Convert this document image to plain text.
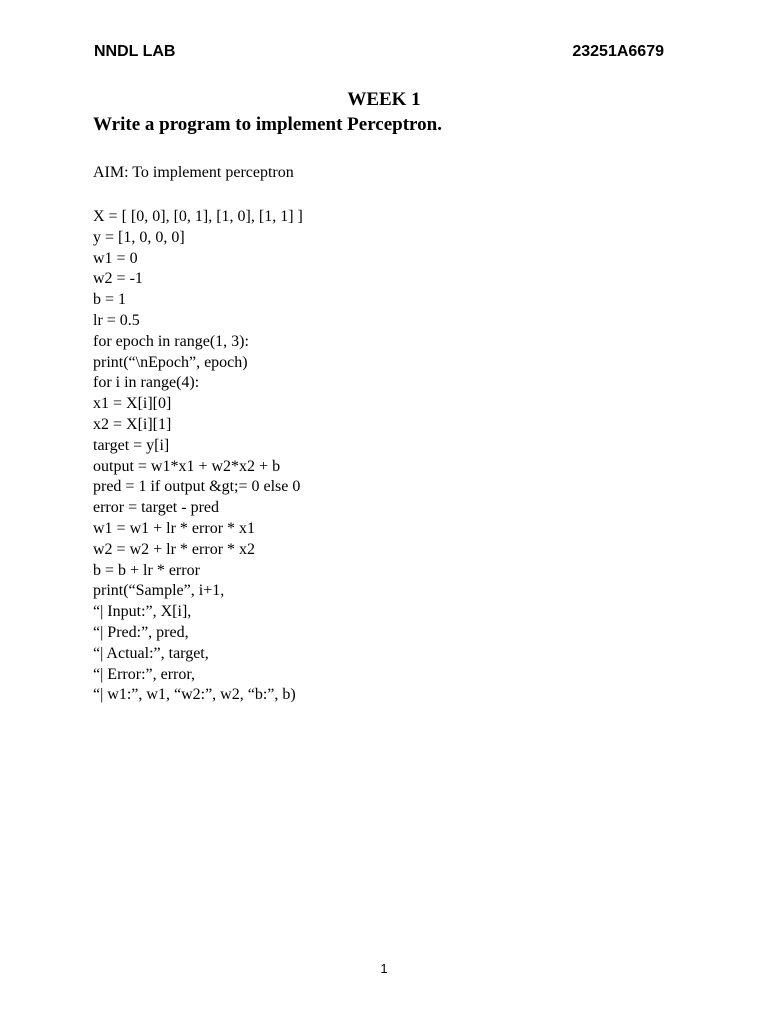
NNDL LAB	23251A6679

WEEK 1
Write a program to implement Perceptron.

AIM: To implement perceptron

X = [ [0, 0], [0, 1], [1, 0], [1, 1] ]
y = [1, 0, 0, 0]
w1 = 0
w2 = -1
b = 1
lr = 0.5
for epoch in range(1, 3):
print(“\nEpoch”, epoch)
for i in range(4):
x1 = X[i][0]
x2 = X[i][1]
target = y[i]
output = w1*x1 + w2*x2 + b
pred = 1 if output &gt;= 0 else 0
error = target - pred
w1 = w1 + lr * error * x1
w2 = w2 + lr * error * x2
b = b + lr * error
print(“Sample”, i+1,
“| Input:”, X[i],
“| Pred:”, pred,
“| Actual:”, target,
“| Error:”, error,
“| w1:”, w1, “w2:”, w2, “b:”, b)

1
